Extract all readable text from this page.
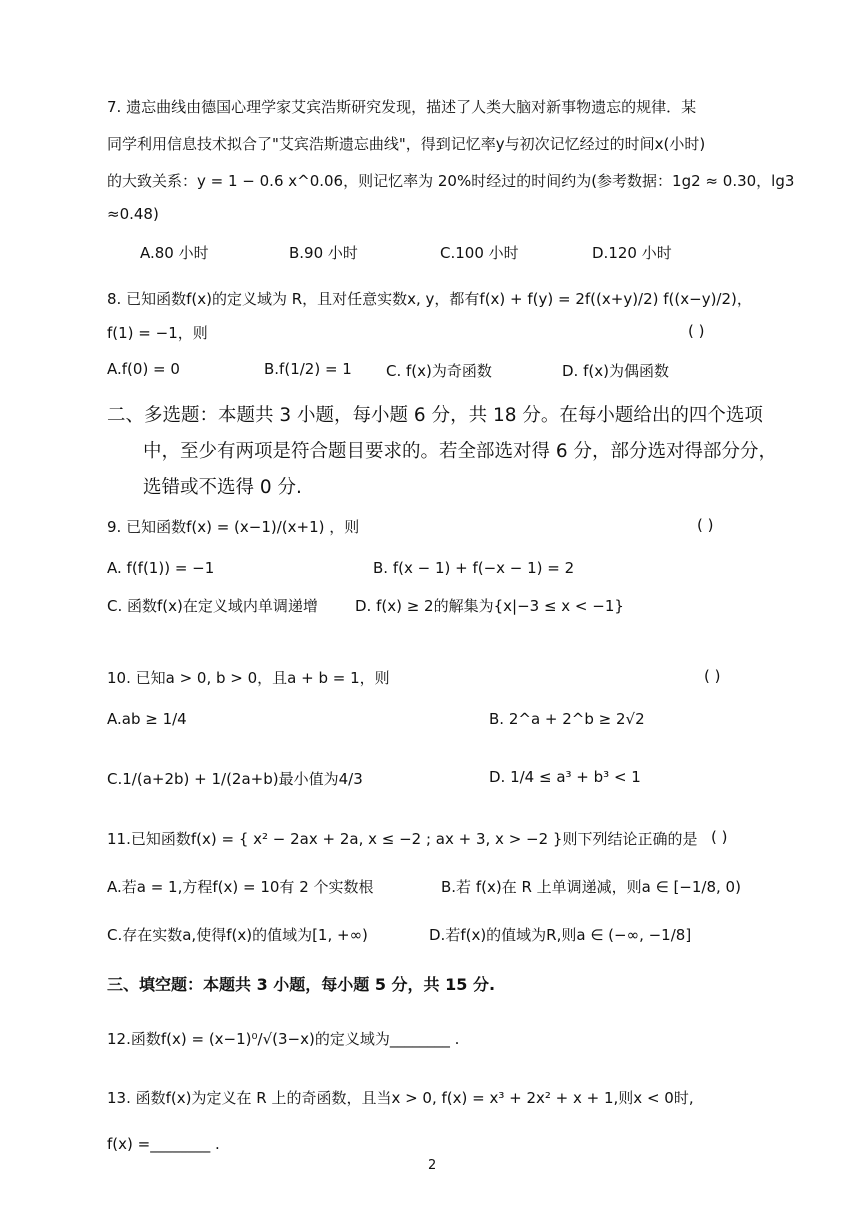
7. 遗忘曲线由德国心理学家艾宾浩斯研究发现，描述了人类大脑对新事物遗忘的规律．某
同学利用信息技术拟合了"艾宾浩斯遗忘曲线"，得到记忆率y与初次记忆经过的时间x(小时)
的大致关系：y = 1 − 0.6 x^0.06，则记忆率为 20%时经过的时间约为(参考数据：1g2 ≈ 0.30，lg3
≈0.48)
A.80 小时	B.90 小时	C.100 小时	D.120 小时
8. 已知函数f(x)的定义域为 R，且对任意实数x, y，都有f(x) + f(y) = 2f((x+y)/2) f((x−y)/2)，
f(1) = −1，则	( )
A.f(0) = 0	B.f(1/2) = 1 C. f(x)为奇函数	D. f(x)为偶函数
二、多选题：本题共 3 小题，每小题 6 分，共 18 分。在每小题给出的四个选项
中，至少有两项是符合题目要求的。若全部选对得 6 分，部分选对得部分分，
选错或不选得 0 分.
9. 已知函数f(x) = (x−1)/(x+1) ，则	( )
A. f(f(1)) = −1	B. f(x − 1) + f(−x − 1) = 2
C. 函数f(x)在定义域内单调递增 D. f(x) ≥ 2的解集为{x|−3 ≤ x < −1}
10. 已知a > 0, b > 0，且a + b = 1，则	( )
A.ab ≥ 1/4	B. 2^a + 2^b ≥ 2√2
C.1/(a+2b) + 1/(2a+b)最小值为4/3	D. 1/4 ≤ a³ + b³ < 1
11.已知函数f(x) = { x² − 2ax + 2a, x ≤ −2 ; ax + 3, x > −2 }则下列结论正确的是 ( )
A.若a = 1,方程f(x) = 10有 2 个实数根	B.若 f(x)在 R 上单调递减，则a ∈ [−1/8, 0)
C.存在实数a,使得f(x)的值域为[1, +∞)	D.若f(x)的值域为R,则a ∈ (−∞, −1/8]
三、填空题：本题共 3 小题，每小题 5 分，共 15 分.
12.函数f(x) = (x−1)⁰/√(3−x)的定义域为________ .
13. 函数f(x)为定义在 R 上的奇函数，且当x > 0, f(x) = x³ + 2x² + x + 1,则x < 0时,
f(x) =________ .
2
